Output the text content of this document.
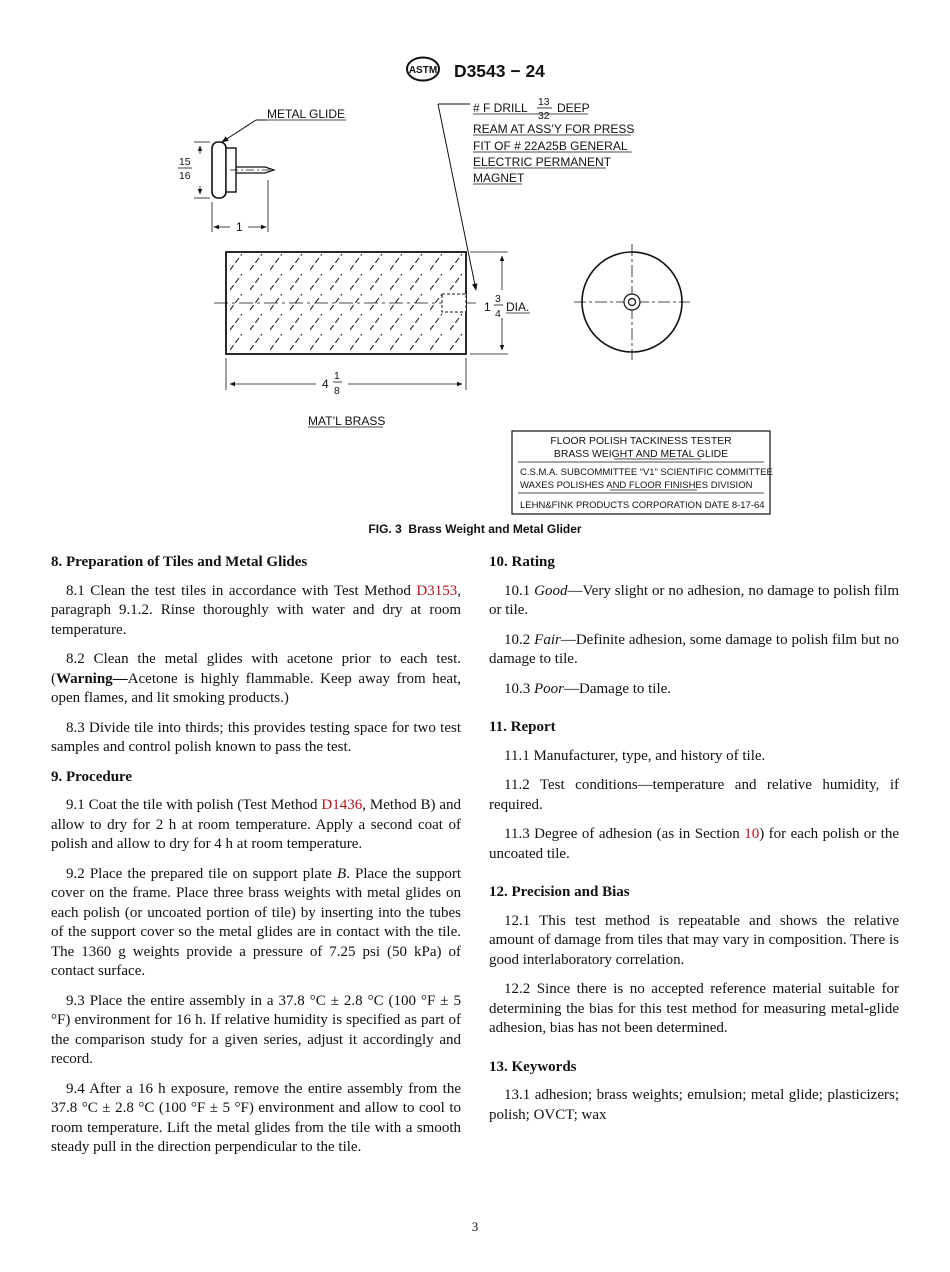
ASTM D3543 − 24
METAL GLIDE
15
16
1
# F DRILL 13
32
DEEP
REAM AT ASS’Y FOR PRESS
FIT OF # 22A25B GENERAL
ELECTRIC PERMANENT
MAGNET
1
3
4
DIA.
4
1
8
MAT’L BRASS
FLOOR POLISH TACKINESS TESTER
BRASS WEIGHT AND METAL GLIDE
C.S.M.A. SUBCOMMITTEE “V1” SCIENTIFIC COMMITTEE
WAXES POLISHES AND FLOOR FINISHES DIVISION
LEHN&FINK PRODUCTS CORPORATION DATE 8-17-64
FIG. 3 Brass Weight and Metal Glider
8. Preparation of Tiles and Metal Glides

8.1 Clean the test tiles in accordance with Test Method D3153, paragraph 9.1.2. Rinse thoroughly with water and dry at room temperature.

8.2 Clean the metal glides with acetone prior to each test. (Warning—Acetone is highly flammable. Keep away from heat, open flames, and lit smoking products.)

8.3 Divide tile into thirds; this provides testing space for two test samples and control polish known to pass the test.

9. Procedure

9.1 Coat the tile with polish (Test Method D1436, Method B) and allow to dry for 2 h at room temperature. Apply a second coat of polish and allow to dry for 4 h at room temperature.

9.2 Place the prepared tile on support plate B. Place the support cover on the frame. Place three brass weights with metal glides on each polish (or uncoated portion of tile) by inserting into the tubes of the support cover so the metal glides are in contact with the tile. The 1360 g weights provide a pressure of 7.25 psi (50 kPa) of contact surface.

9.3 Place the entire assembly in a 37.8 °C ± 2.8 °C (100 °F ± 5 °F) environment for 16 h. If relative humidity is specified as part of the comparison study for a given series, adjust it accordingly and record.

9.4 After a 16 h exposure, remove the entire assembly from the 37.8 °C ± 2.8 °C (100 °F ± 5 °F) environment and allow to cool to room temperature. Lift the metal glides from the tile with a smooth steady pull in the direction perpendicular to the tile.

10. Rating

10.1 Good—Very slight or no adhesion, no damage to polish film or tile.

10.2 Fair—Definite adhesion, some damage to polish film but no damage to tile.

10.3 Poor—Damage to tile.

11. Report

11.1 Manufacturer, type, and history of tile.

11.2 Test conditions—temperature and relative humidity, if required.

11.3 Degree of adhesion (as in Section 10) for each polish or the uncoated tile.

12. Precision and Bias

12.1 This test method is repeatable and shows the relative amount of damage from tiles that may vary in composition. There is good interlaboratory correlation.

12.2 Since there is no accepted reference material suitable for determining the bias for this test method for measuring metal-glide adhesion, bias has not been determined.

13. Keywords

13.1 adhesion; brass weights; emulsion; metal glide; plasticizers; polish; OVCT; wax

3
